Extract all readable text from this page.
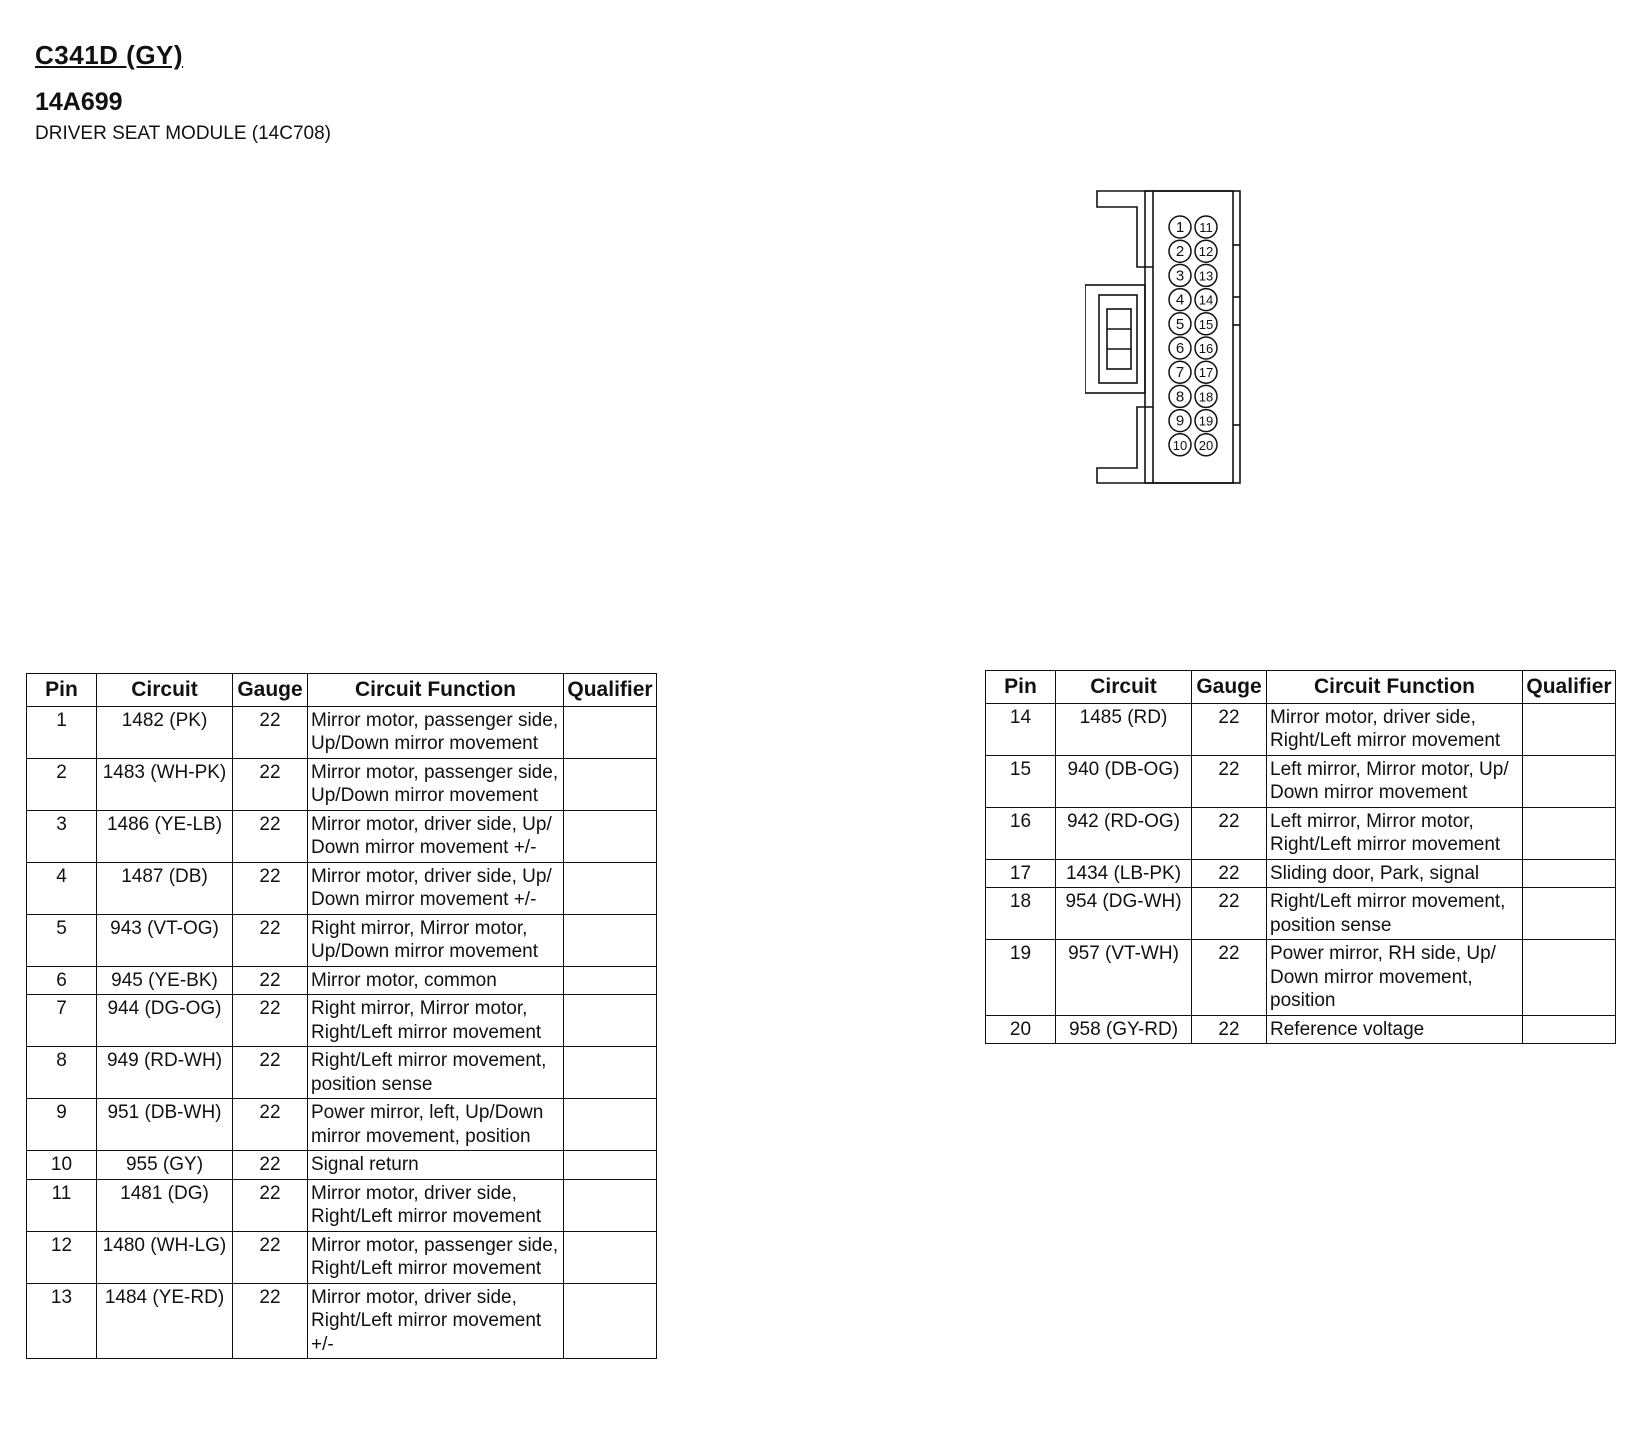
C341D (GY)
14A699

DRIVER SEAT MODULE (14C708)

1
2
3
4
5
6
7
8
9
10
11
12
13
14
15
16
17
18
19
20
Pin	Circuit	Gauge	Circuit Function	Qualifier
1	1482 (PK)	22	Mirror motor, passenger side, Up/Down mirror movement	
2	1483 (WH-PK)	22	Mirror motor, passenger side, Up/Down mirror movement	
3	1486 (YE-LB)	22	Mirror motor, driver side, Up/ Down mirror movement +/-	
4	1487 (DB)	22	Mirror motor, driver side, Up/ Down mirror movement +/-	
5	943 (VT-OG)	22	Right mirror, Mirror motor, Up/Down mirror movement	
6	945 (YE-BK)	22	Mirror motor, common	
7	944 (DG-OG)	22	Right mirror, Mirror motor, Right/Left mirror movement	
8	949 (RD-WH)	22	Right/Left mirror movement, position sense	
9	951 (DB-WH)	22	Power mirror, left, Up/Down mirror movement, position	
10	955 (GY)	22	Signal return	
11	1481 (DG)	22	Mirror motor, driver side, Right/Left mirror movement	
12	1480 (WH-LG)	22	Mirror motor, passenger side, Right/Left mirror movement	
13	1484 (YE-RD)	22	Mirror motor, driver side, Right/Left mirror movement +/-	
Pin	Circuit	Gauge	Circuit Function	Qualifier
14	1485 (RD)	22	Mirror motor, driver side, Right/Left mirror movement	
15	940 (DB-OG)	22	Left mirror, Mirror motor, Up/ Down mirror movement	
16	942 (RD-OG)	22	Left mirror, Mirror motor, Right/Left mirror movement	
17	1434 (LB-PK)	22	Sliding door, Park, signal	
18	954 (DG-WH)	22	Right/Left mirror movement, position sense	
19	957 (VT-WH)	22	Power mirror, RH side, Up/ Down mirror movement, position	
20	958 (GY-RD)	22	Reference voltage	
